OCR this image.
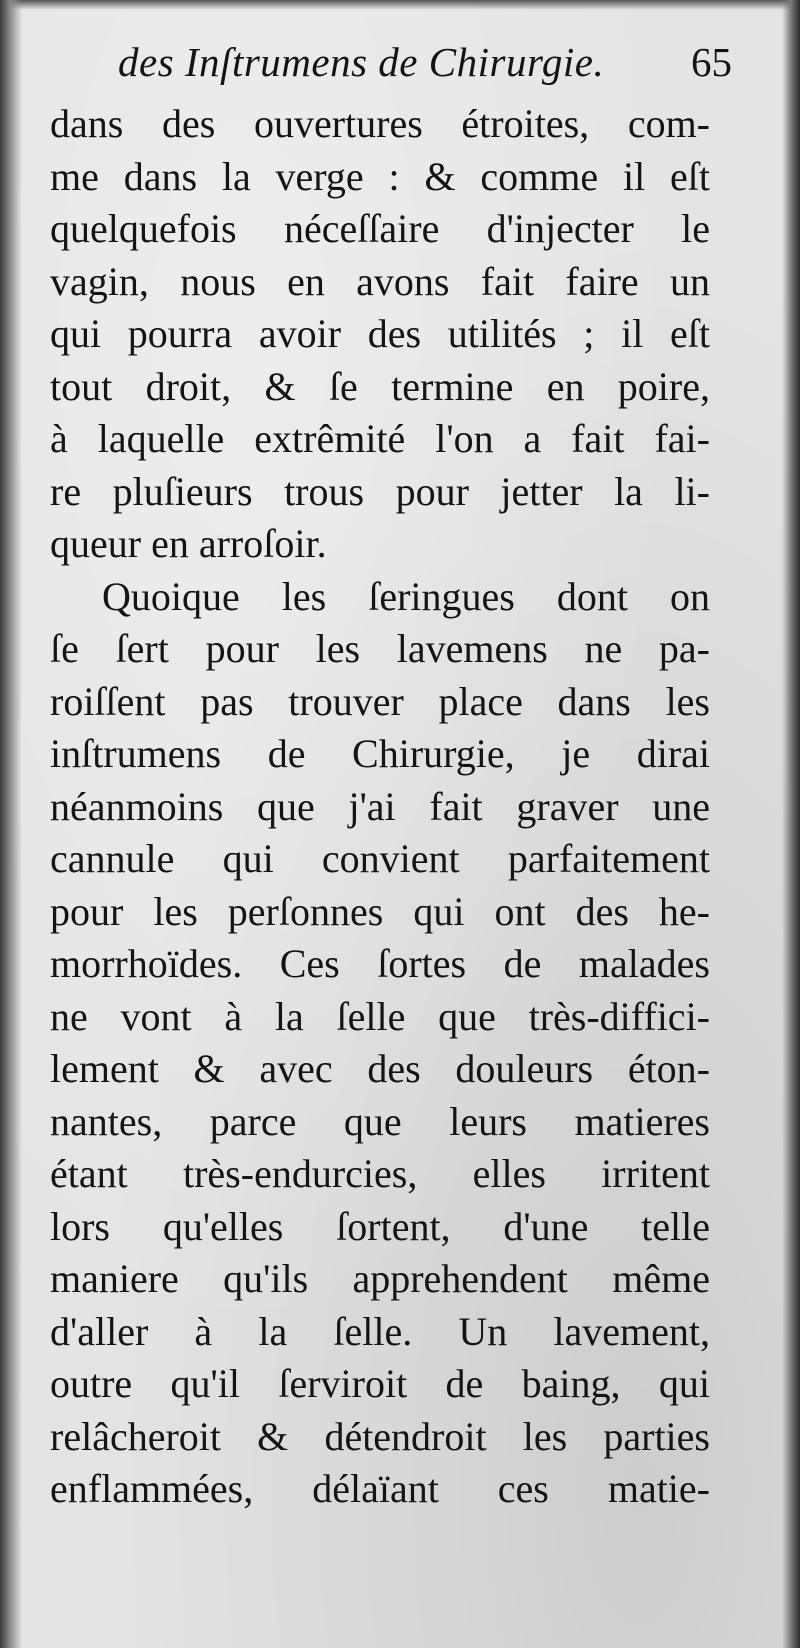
des Inſtrumens de Chirurgie. 65
dans des ouvertures étroites, com-
me dans la verge : & comme il eſt
quelquefois néceſſaire d'injecter le
vagin, nous en avons fait faire un
qui pourra avoir des utilités ; il eſt
tout droit, & ſe termine en poire,
à laquelle extrêmité l'on a fait fai-
re pluſieurs trous pour jetter la li-
queur en arroſoir.
Quoique les ſeringues dont on
ſe ſert pour les lavemens ne pa-
roiſſent pas trouver place dans les
inſtrumens de Chirurgie, je dirai
néanmoins que j'ai fait graver une
cannule qui convient parfaitement
pour les perſonnes qui ont des he-
morrhoïdes. Ces ſortes de malades
ne vont à la ſelle que très-diffici-
lement & avec des douleurs éton-
nantes, parce que leurs matieres
étant très-endurcies, elles irritent
lors qu'elles ſortent, d'une telle
maniere qu'ils apprehendent même
d'aller à la ſelle. Un lavement,
outre qu'il ſerviroit de baing, qui
relâcheroit & détendroit les parties
enflammées, délaïant ces matie-
